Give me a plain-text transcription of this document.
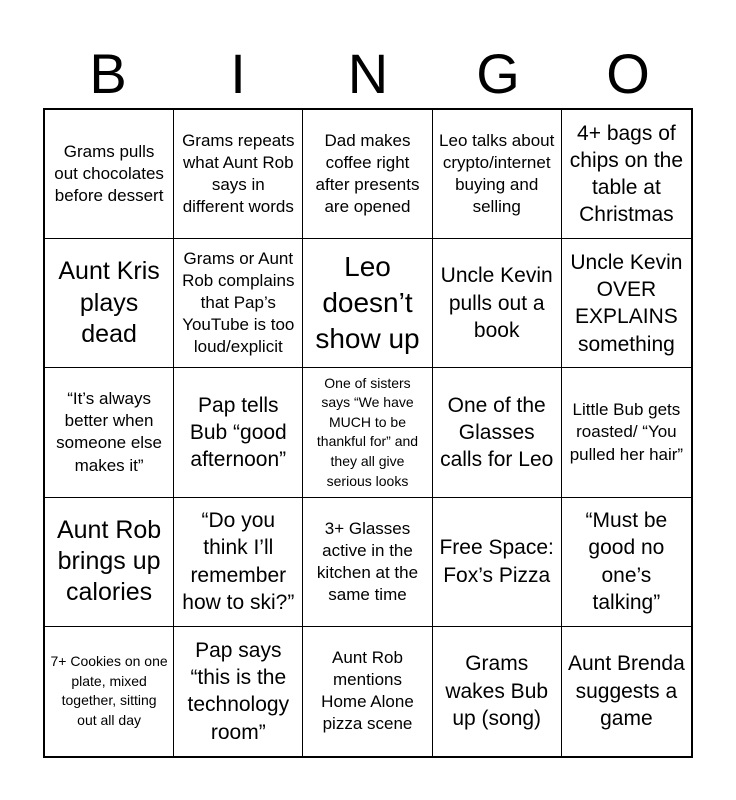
B	I	N	G	O
Grams pulls out chocolates before dessert
Grams repeats what Aunt Rob says in different words
Dad makes coffee right after presents are opened
Leo talks about crypto/internet buying and selling
4+ bags of chips on the table at Christmas
Aunt Kris plays dead
Grams or Aunt Rob complains that Pap’s YouTube is too loud/explicit
Leo doesn’t show up
Uncle Kevin pulls out a book
Uncle Kevin OVER EXPLAINS something
“It’s always better when someone else makes it”
Pap tells Bub “good afternoon”
One of sisters says “We have MUCH to be thankful for” and they all give serious looks
One of the Glasses calls for Leo
Little Bub gets roasted/ “You pulled her hair”
Aunt Rob brings up calories
“Do you think I’ll remember how to ski?”
3+ Glasses active in the kitchen at the same time
Free Space: Fox’s Pizza
“Must be good no one’s talking”
7+ Cookies on one plate, mixed together, sitting out all day
Pap says “this is the technology room”
Aunt Rob mentions Home Alone pizza scene
Grams wakes Bub up (song)
Aunt Brenda suggests a game
